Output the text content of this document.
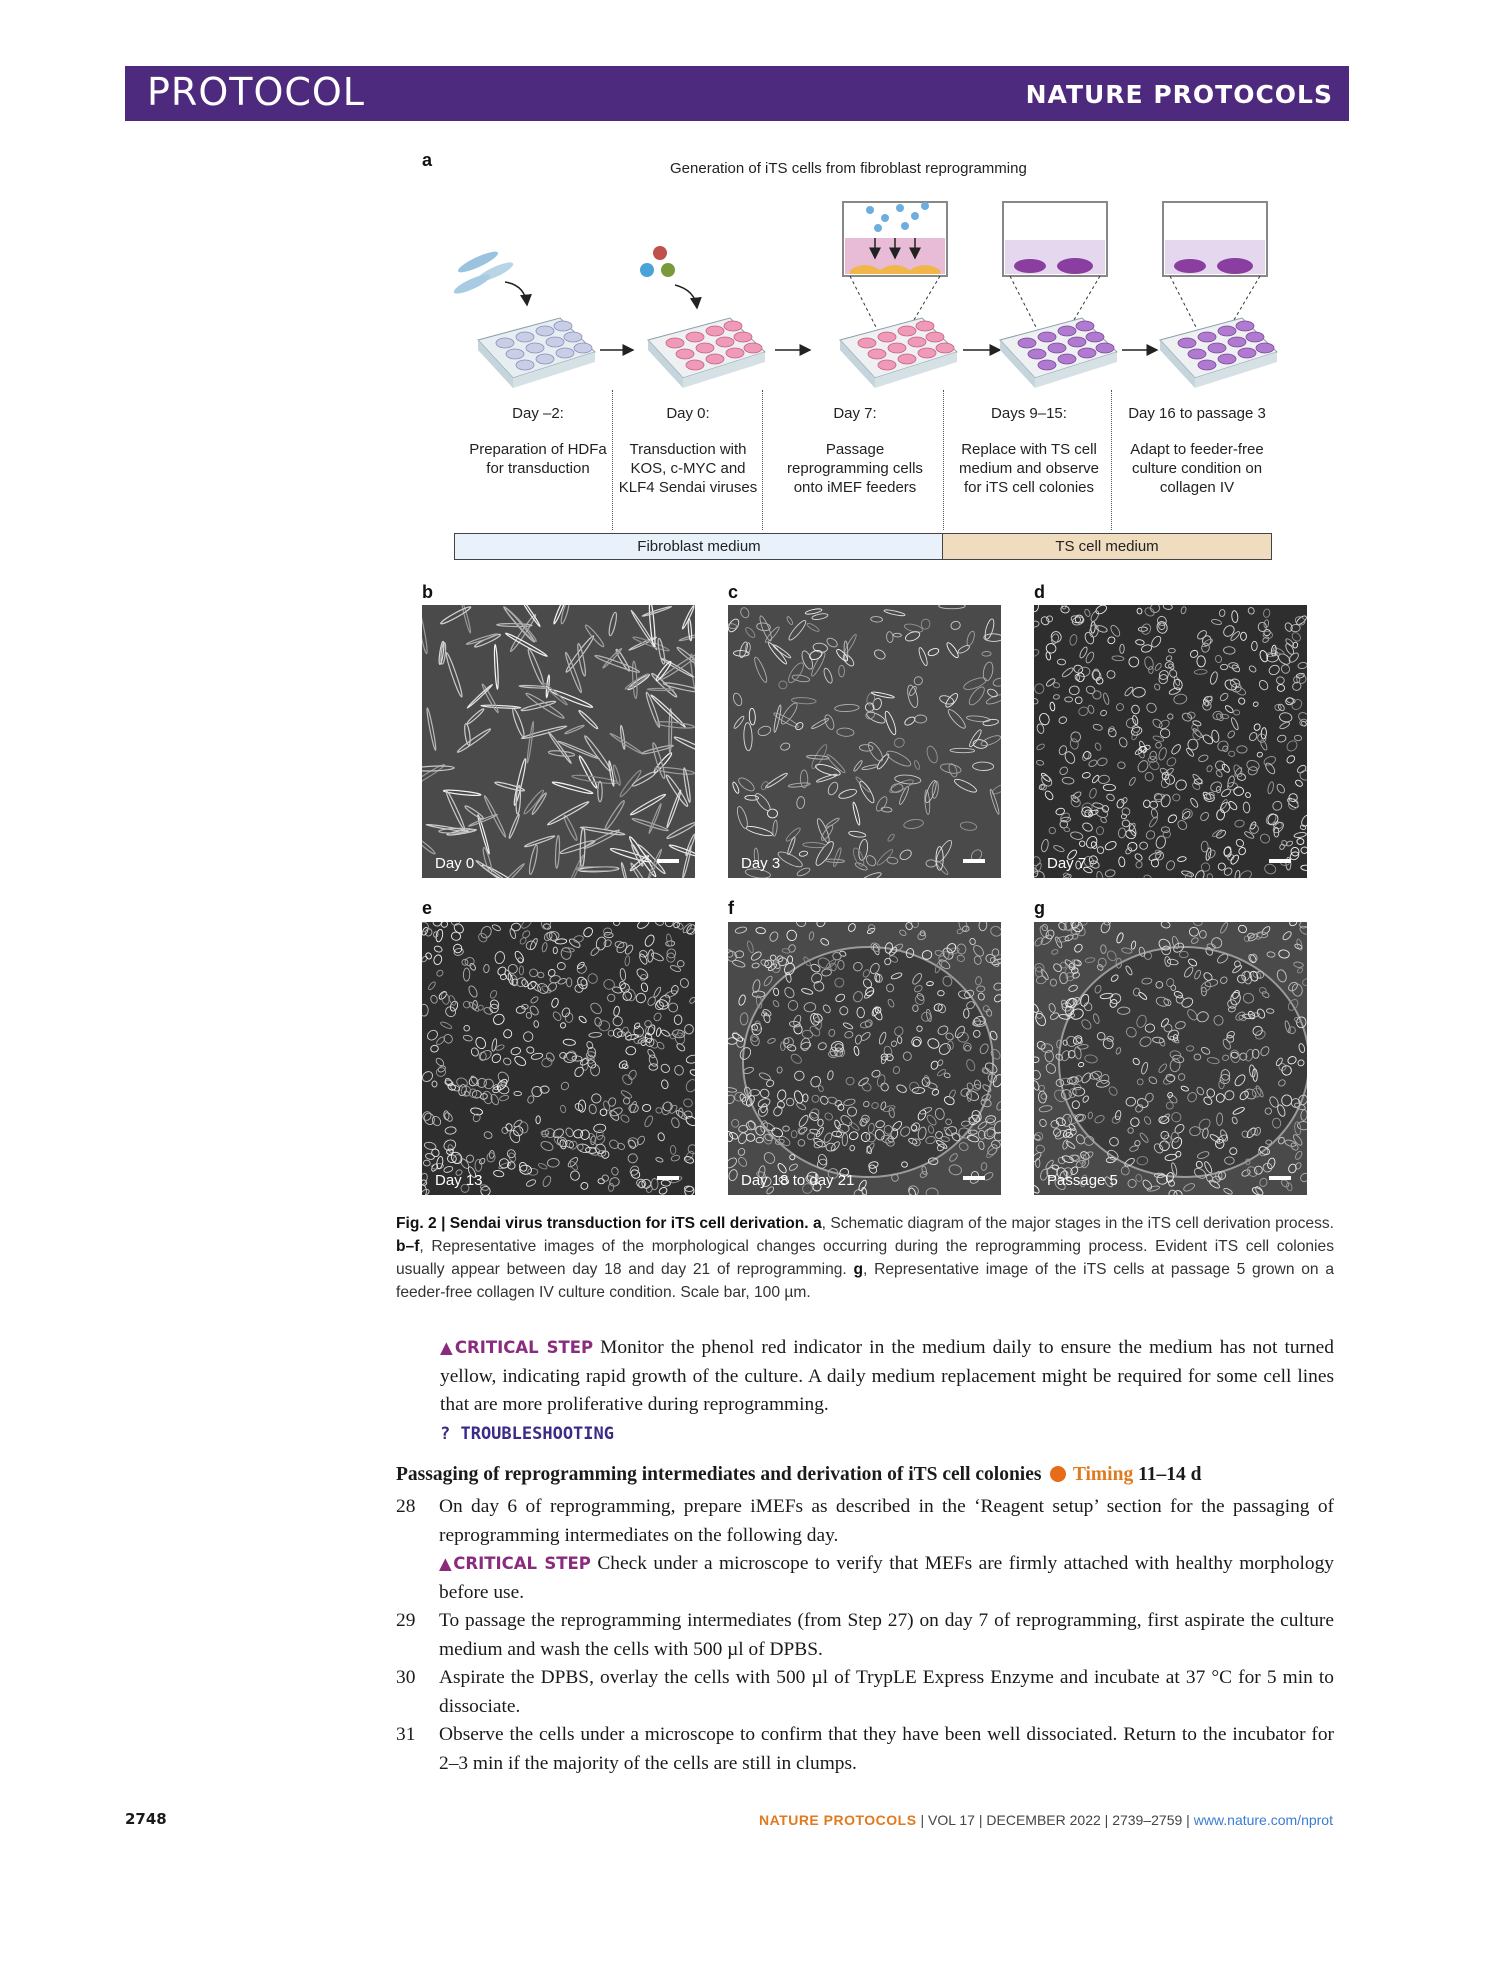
PROTOCOL	NATURE PROTOCOLS
a	Generation of iTS cells from fibroblast reprogramming
Day –2:
Preparation of HDFa for transduction
Day 0:
Transduction with KOS, c-MYC and KLF4 Sendai viruses
Day 7:
Passage reprogramming cells onto iMEF feeders
Days 9–15:
Replace with TS cell medium and observe for iTS cell colonies
Day 16 to passage 3
Adapt to feeder-free culture condition on collagen IV
Fibroblast medium	TS cell medium
b	c	d
e	f	g
Day 0	Day 3	Day 7
Day 13	Day 18 to day 21	Passage 5
Fig. 2 | Sendai virus transduction for iTS cell derivation. a, Schematic diagram of the major stages in the iTS cell derivation process. b–f, Representative images of the morphological changes occurring during the reprogramming process. Evident iTS cell colonies usually appear between day 18 and day 21 of reprogramming. g, Representative image of the iTS cells at passage 5 grown on a feeder-free collagen IV culture condition. Scale bar, 100 µm.
▲CRITICAL STEP Monitor the phenol red indicator in the medium daily to ensure the medium has not turned yellow, indicating rapid growth of the culture. A daily medium replacement might be required for some cell lines that are more proliferative during reprogramming.
? TROUBLESHOOTING
Passaging of reprogramming intermediates and derivation of iTS cell colonies Timing 11–14 d
28 On day 6 of reprogramming, prepare iMEFs as described in the ‘Reagent setup’ section for the passaging of reprogramming intermediates on the following day.
▲CRITICAL STEP Check under a microscope to verify that MEFs are firmly attached with healthy morphology before use.
29 To passage the reprogramming intermediates (from Step 27) on day 7 of reprogramming, first aspirate the culture medium and wash the cells with 500 µl of DPBS.
30 Aspirate the DPBS, overlay the cells with 500 µl of TrypLE Express Enzyme and incubate at 37 °C for 5 min to dissociate.
31 Observe the cells under a microscope to confirm that they have been well dissociated. Return to the incubator for 2–3 min if the majority of the cells are still in clumps.
2748	NATURE PROTOCOLS | VOL 17 | DECEMBER 2022 | 2739–2759 | www.nature.com/nprot
